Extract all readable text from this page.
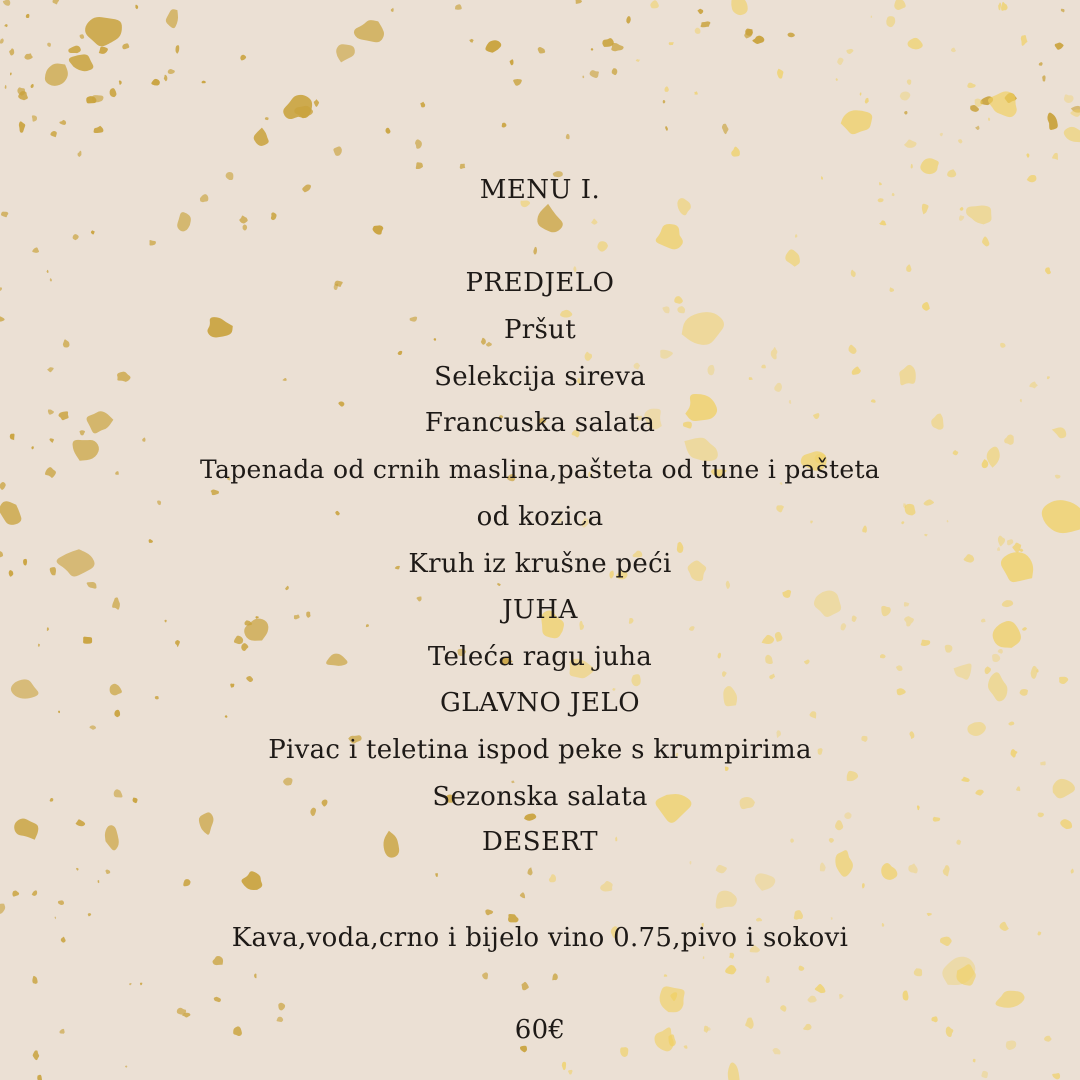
MENU I.
PREDJELO
Pršut
Selekcija sireva
Francuska salata
Tapenada od crnih maslina,pašteta od tune i pašteta
od kozica
Kruh iz krušne peći
JUHA
Teleća ragu juha
GLAVNO JELO
Pivac i teletina ispod peke s krumpirima
Sezonska salata
DESERT
Kava,voda,crno i bijelo vino 0.75,pivo i sokovi
60€
